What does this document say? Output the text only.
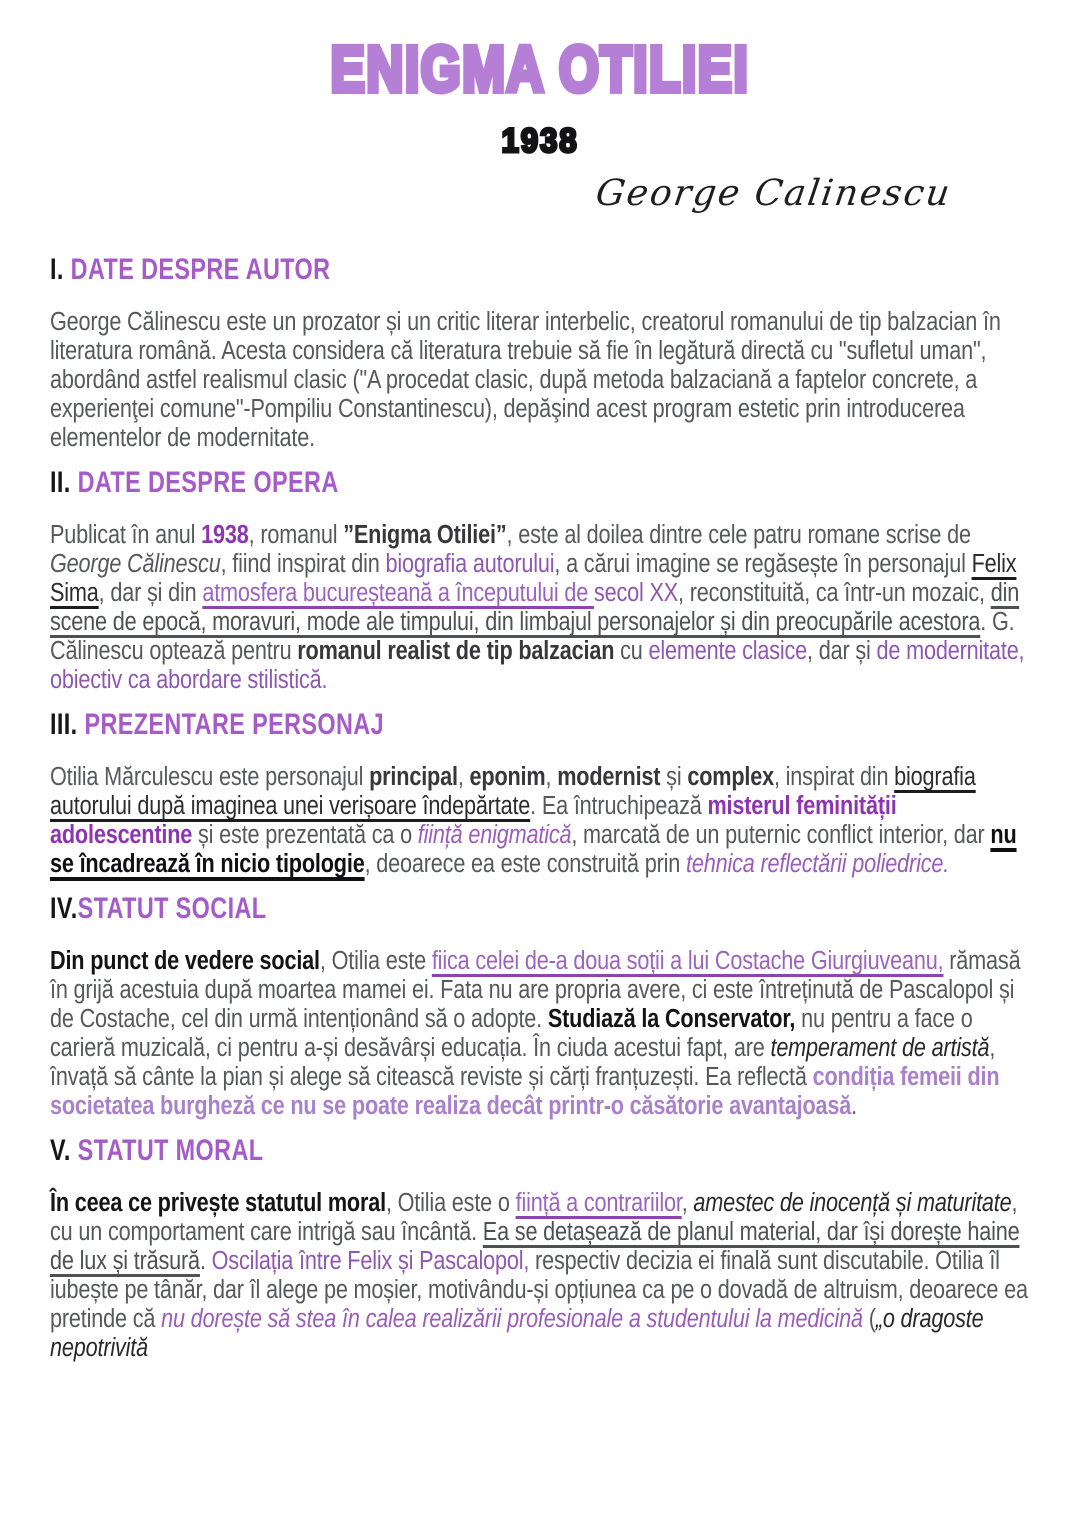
ENIGMA OTILIEI
1938
George Calinescu
I. DATE DESPRE AUTOR

George Călinescu este un prozator și un critic literar interbelic, creatorul romanului de tip balzacian în literatura română. Acesta considera că literatura trebuie să fie în legătură directă cu "sufletul uman", abordând astfel realismul clasic ("A procedat clasic, după metoda balzaciană a faptelor concrete, a experienţei comune"-Pompiliu Constantinescu), depăşind acest program estetic prin introducerea elementelor de modernitate.

II. DATE DESPRE OPERA

Publicat în anul 1938, romanul ”Enigma Otiliei”, este al doilea dintre cele patru romane scrise de George Călinescu, fiind inspirat din biografia autorului, a cărui imagine se regăsește în personajul Felix Sima, dar și din atmosfera bucureșteană a începutului de secol XX, reconstituită, ca într-un mozaic, din scene de epocă, moravuri, mode ale timpului, din limbajul personajelor și din preocupările acestora. G. Călinescu optează pentru romanul realist de tip balzacian cu elemente clasice, dar și de modernitate, obiectiv ca abordare stilistică.

III. PREZENTARE PERSONAJ

Otilia Mărculescu este personajul principal, eponim, modernist și complex, inspirat din biografia autorului după imaginea unei verișoare îndepărtate. Ea întruchipează misterul feminității adolescentine și este prezentată ca o ființă enigmatică, marcată de un puternic conflict interior, dar nu se încadrează în nicio tipologie, deoarece ea este construită prin tehnica reflectării poliedrice.

IV.STATUT SOCIAL

Din punct de vedere social, Otilia este fiica celei de-a doua soții a lui Costache Giurgiuveanu, rămasă în grijă acestuia după moartea mamei ei. Fata nu are propria avere, ci este întreținută de Pascalopol și de Costache, cel din urmă intenționând să o adopte. Studiază la Conservator, nu pentru a face o carieră muzicală, ci pentru a-și desăvârși educația. În ciuda acestui fapt, are temperament de artistă, învață să cânte la pian și alege să citească reviste și cărți franțuzești. Ea reflectă condiția femeii din societatea burgheză ce nu se poate realiza decât printr-o căsătorie avantajoasă.

V. STATUT MORAL

În ceea ce privește statutul moral, Otilia este o ființă a contrariilor, amestec de inocență și maturitate, cu un comportament care intrigă sau încântă. Ea se detașează de planul material, dar își dorește haine de lux și trăsură. Oscilația între Felix și Pascalopol, respectiv decizia ei finală sunt discutabile. Otilia îl iubește pe tânăr, dar îl alege pe moșier, motivându-și opțiunea ca pe o dovadă de altruism, deoarece ea pretinde că nu dorește să stea în calea realizării profesionale a studentului la medicină („o dragoste nepotrivită
